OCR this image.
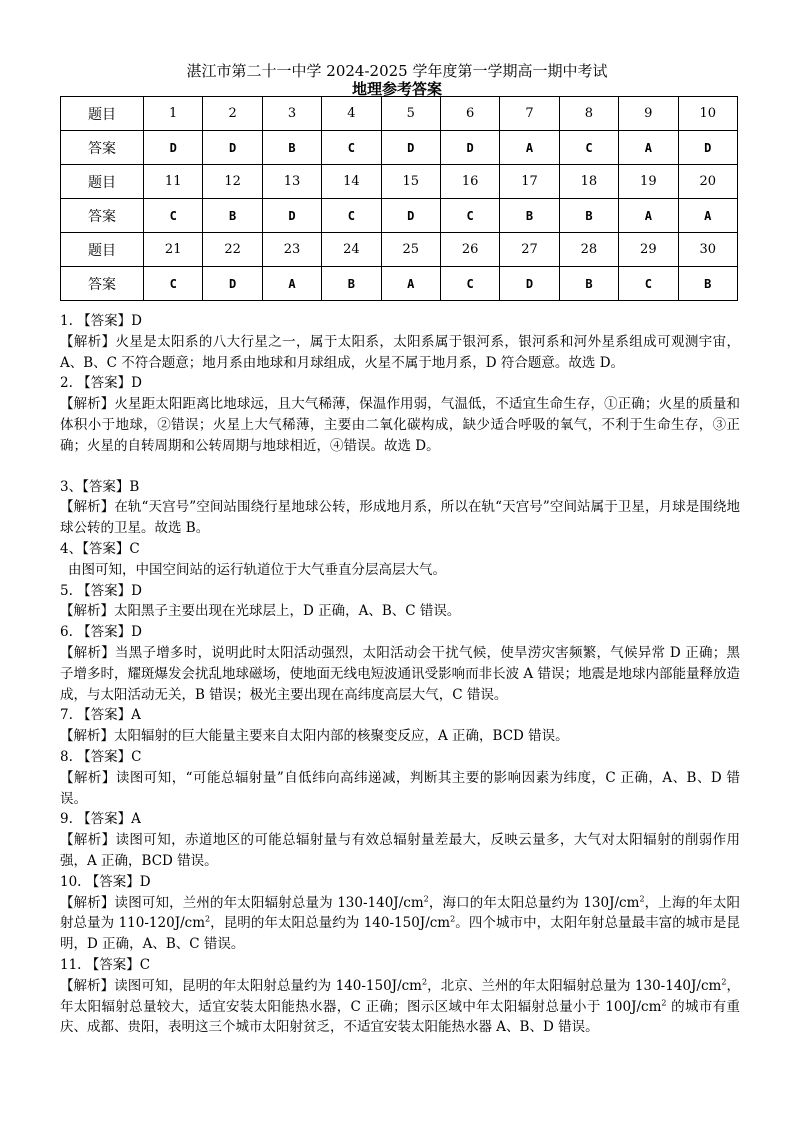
湛江市第二十一中学 2024-2025 学年度第一学期高一期中考试
地理参考答案
题目	1	2	3	4	5	6	7	8	9	10
答案	D	D	B	C	D	D	A	C	A	D
题目	11	12	13	14	15	16	17	18	19	20
答案	C	B	D	C	D	C	B	B	A	A
题目	21	22	23	24	25	26	27	28	29	30
答案	C	D	A	B	A	C	D	B	C	B

1. 【答案】D

【解析】火星是太阳系的八大行星之一，属于太阳系，太阳系属于银河系，银河系和河外星系组成可观测宇宙，A、B、C 不符合题意；地月系由地球和月球组成，火星不属于地月系，D 符合题意。故选 D。

2. 【答案】D

【解析】火星距太阳距离比地球远，且大气稀薄，保温作用弱，气温低，不适宜生命生存，①正确；火星的质量和体积小于地球，②错误；火星上大气稀薄，主要由二氧化碳构成，缺少适合呼吸的氧气，不利于生命生存，③正确；火星的自转周期和公转周期与地球相近，④错误。故选 D。

3、【答案】B

【解析】在轨“天宫号”空间站围绕行星地球公转，形成地月系，所以在轨“天宫号”空间站属于卫星，月球是围绕地球公转的卫星。故选 B。

4、【答案】C

由图可知，中国空间站的运行轨道位于大气垂直分层高层大气。

5. 【答案】D

【解析】太阳黑子主要出现在光球层上，D 正确，A、B、C 错误。

6. 【答案】D

【解析】当黑子增多时，说明此时太阳活动强烈，太阳活动会干扰气候，使旱涝灾害频繁，气候异常 D 正确；黑子增多时，耀斑爆发会扰乱地球磁场，使地面无线电短波通讯受影响而非长波 A 错误；地震是地球内部能量释放造成，与太阳活动无关，B 错误；极光主要出现在高纬度高层大气，C 错误。

7. 【答案】A

【解析】太阳辐射的巨大能量主要来自太阳内部的核聚变反应，A 正确，BCD 错误。

8. 【答案】C

【解析】读图可知，“可能总辐射量”自低纬向高纬递减，判断其主要的影响因素为纬度，C 正确，A、B、D 错误。

9. 【答案】A

【解析】读图可知，赤道地区的可能总辐射量与有效总辐射量差最大，反映云量多，大气对太阳辐射的削弱作用强，A 正确，BCD 错误。

10. 【答案】D

【解析】读图可知，兰州的年太阳辐射总量为 $130-140J/cm^2$，海口的年太阳总量约为 $130J/cm^2$，上海的年太阳射总量为 $110-120J/cm^2$，昆明的年太阳总量约为 $140-150J/cm^2$。四个城市中，太阳年射总量最丰富的城市是昆明，D 正确，A、B、C 错误。

11. 【答案】C

【解析】读图可知，昆明的年太阳射总量约为 $140-150J/cm^2$，北京、兰州的年太阳辐射总量为 $130-140J/cm^2$，年太阳辐射总量较大，适宜安装太阳能热水器，C 正确；图示区域中年太阳辐射总量小于 $100J/cm^2$ 的城市有重庆、成都、贵阳，表明这三个城市太阳射贫乏，不适宜安装太阳能热水器 A、B、D 错误。
